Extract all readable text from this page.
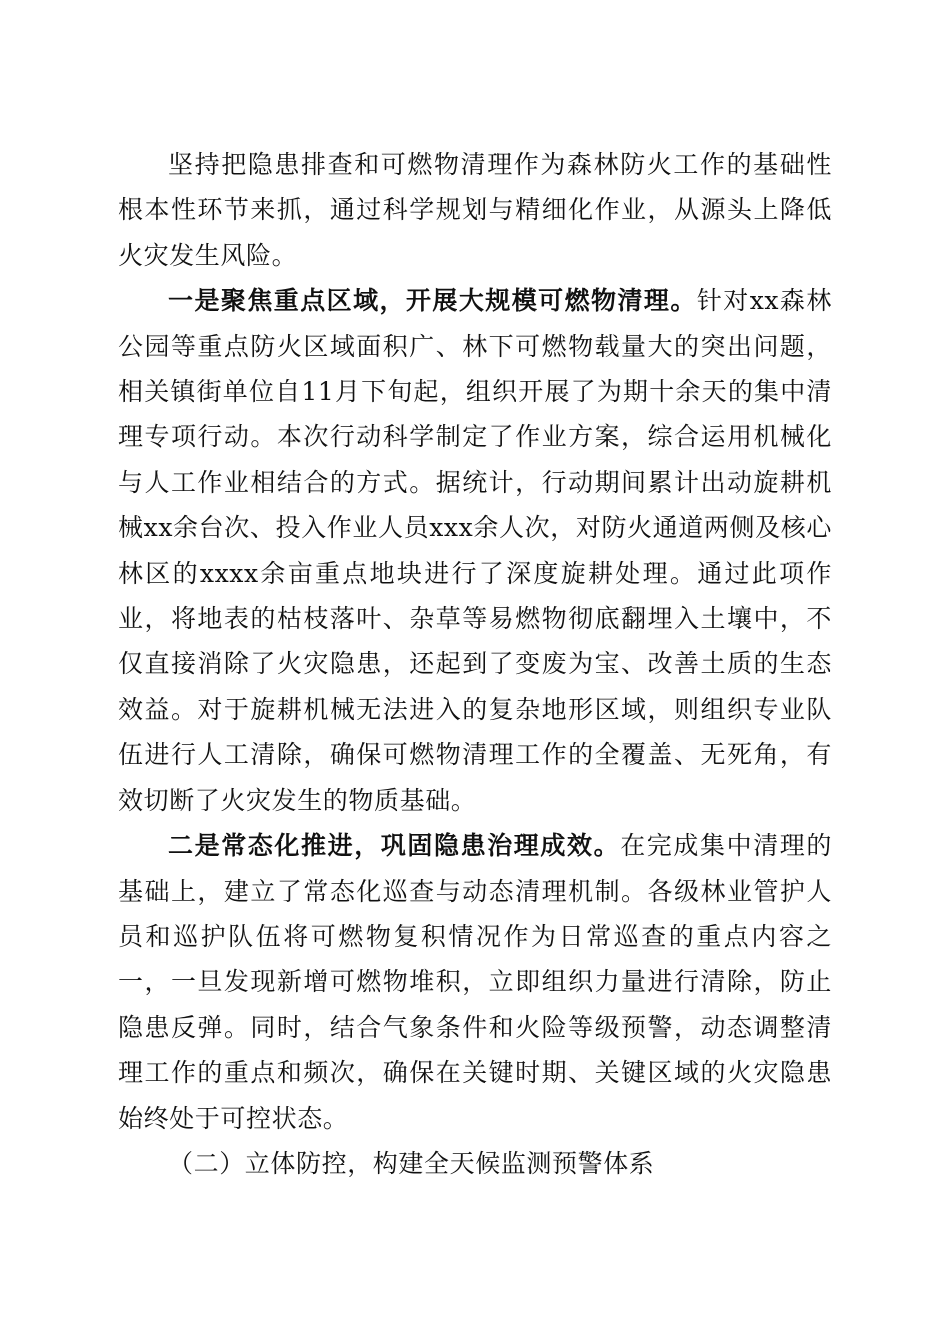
坚持把隐患排查和可燃物清理作为森林防火工作的基础性根本性环节来抓，通过科学规划与精细化作业，从源头上降低火灾发生风险。

一是聚焦重点区域，开展大规模可燃物清理。针对xx森林公园等重点防火区域面积广、林下可燃物载量大的突出问题，相关镇街单位自11月下旬起，组织开展了为期十余天的集中清理专项行动。本次行动科学制定了作业方案，综合运用机械化与人工作业相结合的方式。据统计，行动期间累计出动旋耕机械xx余台次、投入作业人员xxx余人次，对防火通道两侧及核心林区的xxxx余亩重点地块进行了深度旋耕处理。通过此项作业，将地表的枯枝落叶、杂草等易燃物彻底翻埋入土壤中，不仅直接消除了火灾隐患，还起到了变废为宝、改善土质的生态效益。对于旋耕机械无法进入的复杂地形区域，则组织专业队伍进行人工清除，确保可燃物清理工作的全覆盖、无死角，有效切断了火灾发生的物质基础。

二是常态化推进，巩固隐患治理成效。在完成集中清理的基础上，建立了常态化巡查与动态清理机制。各级林业管护人员和巡护队伍将可燃物复积情况作为日常巡查的重点内容之一，一旦发现新增可燃物堆积，立即组织力量进行清除，防止隐患反弹。同时，结合气象条件和火险等级预警，动态调整清理工作的重点和频次，确保在关键时期、关键区域的火灾隐患始终处于可控状态。

（二）立体防控，构建全天候监测预警体系
